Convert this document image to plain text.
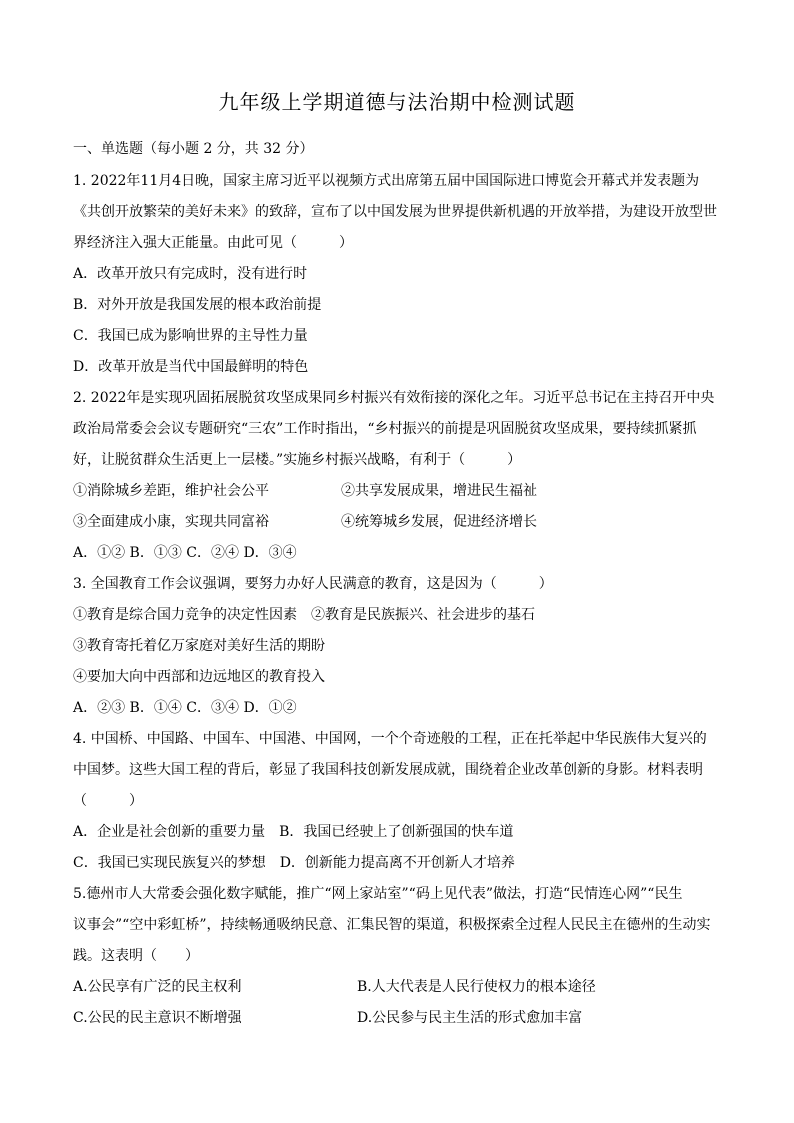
九年级上学期道德与法治期中检测试题
一、单选题（每小题 2 分，共 32 分）
1. 2022年11月4日晚，国家主席习近平以视频方式出席第五届中国国际进口博览会开幕式并发表题为
《共创开放繁荣的美好未来》的致辞，宣布了以中国发展为世界提供新机遇的开放举措，为建设开放型世
界经济注入强大正能量。由此可见（　　　）
A．改革开放只有完成时，没有进行时
B．对外开放是我国发展的根本政治前提
C．我国已成为影响世界的主导性力量
D．改革开放是当代中国最鲜明的特色
2. 2022年是实现巩固拓展脱贫攻坚成果同乡村振兴有效衔接的深化之年。习近平总书记在主持召开中央
政治局常委会会议专题研究“三农”工作时指出，“乡村振兴的前提是巩固脱贫攻坚成果，要持续抓紧抓
好，让脱贫群众生活更上一层楼。”实施乡村振兴战略，有利于（　　　）
①消除城乡差距，维护社会公平	②共享发展成果，增进民生福祉
③全面建成小康，实现共同富裕	④统筹城乡发展，促进经济增长
A．①② B．①③ C．②④ D．③④
3. 全国教育工作会议强调，要努力办好人民满意的教育，这是因为（　　　）
①教育是综合国力竞争的决定性因素　②教育是民族振兴、社会进步的基石
③教育寄托着亿万家庭对美好生活的期盼
④要加大向中西部和边远地区的教育投入
A．②③ B．①④ C．③④ D．①②
4. 中国桥、中国路、中国车、中国港、中国网，一个个奇迹般的工程，正在托举起中华民族伟大复兴的
中国梦。这些大国工程的背后，彰显了我国科技创新发展成就，围绕着企业改革创新的身影。材料表明
（　　　）
A．企业是社会创新的重要力量　B．我国已经驶上了创新强国的快车道
C．我国已实现民族复兴的梦想　D．创新能力提高离不开创新人才培养
5.德州市人大常委会强化数字赋能，推广“网上家站室”“码上见代表”做法，打造“民情连心网”“民生
议事会”“空中彩虹桥”，持续畅通吸纳民意、汇集民智的渠道，积极探索全过程人民民主在德州的生动实
践。这表明（　　）
A.公民享有广泛的民主权利	B.人大代表是人民行使权力的根本途径
C.公民的民主意识不断增强	D.公民参与民主生活的形式愈加丰富
